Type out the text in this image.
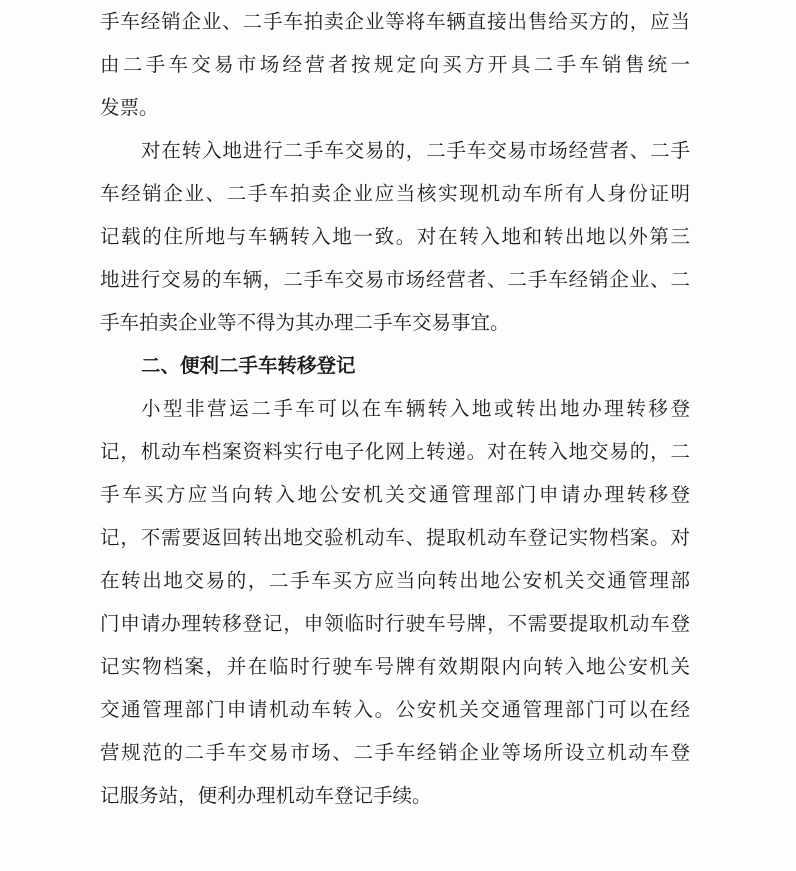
手车经销企业、二手车拍卖企业等将车辆直接出售给买方的，应当
由二手车交易市场经营者按规定向买方开具二手车销售统一
发票。
对在转入地进行二手车交易的，二手车交易市场经营者、二手
车经销企业、二手车拍卖企业应当核实现机动车所有人身份证明
记载的住所地与车辆转入地一致。对在转入地和转出地以外第三
地进行交易的车辆，二手车交易市场经营者、二手车经销企业、二
手车拍卖企业等不得为其办理二手车交易事宜。
二、便利二手车转移登记
小型非营运二手车可以在车辆转入地或转出地办理转移登
记，机动车档案资料实行电子化网上转递。对在转入地交易的，二
手车买方应当向转入地公安机关交通管理部门申请办理转移登
记，不需要返回转出地交验机动车、提取机动车登记实物档案。对
在转出地交易的，二手车买方应当向转出地公安机关交通管理部
门申请办理转移登记，申领临时行驶车号牌，不需要提取机动车登
记实物档案，并在临时行驶车号牌有效期限内向转入地公安机关
交通管理部门申请机动车转入。公安机关交通管理部门可以在经
营规范的二手车交易市场、二手车经销企业等场所设立机动车登
记服务站，便利办理机动车登记手续。
